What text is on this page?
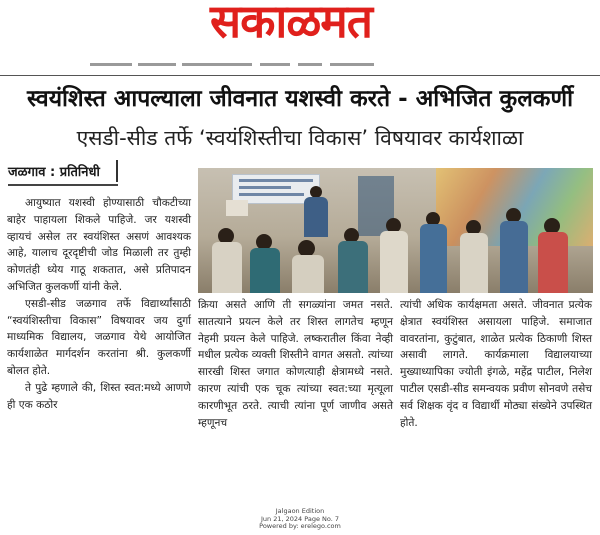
सकाळमत
स्वयंशिस्त आपल्याला जीवनात यशस्वी करते - अभिजित कुलकर्णी
एसडी-सीड तर्फे ‘स्वयंशिस्तीचा विकास’ विषयावर कार्यशाळा
जळगाव : प्रतिनिधी

आयुष्यात यशस्वी होण्यासाठी चौकटीच्या बाहेर पाहायला शिकले पाहिजे. जर यशस्वी व्हायचं असेल तर स्वयंशिस्त असणं आवश्यक आहे, यालाच दूरदृष्टीची जोड मिळाली तर तुम्ही कोणतंही ध्येय गाठू शकतात, असे प्रतिपादन अभिजित कुलकर्णी यांनी केले.

एसडी-सीड जळगाव तर्फे विद्यार्थ्यांसाठी “स्वयंशिस्तीचा विकास” विषयावर जय दुर्गा माध्यमिक विद्यालय, जळगाव येथे आयोजित कार्यशाळेत मार्गदर्शन करतांना श्री. कुलकर्णी बोलत होते.

ते पुढे म्हणाले की, शिस्त स्वत:मध्ये आणणे ही एक कठोर

क्रिया असते आणि ती सगळ्यांना जमत नसते. सातत्याने प्रयत्न केले तर शिस्त लागतेच म्हणून नेहमी प्रयत्न केले पाहिजे. लष्करातील किंवा नेव्ही मधील प्रत्येक व्यक्ती शिस्तीने वागत असतो. त्यांच्या सारखी शिस्त जगात कोणत्याही क्षेत्रामध्ये नसते. कारण त्यांची एक चूक त्यांच्या स्वत:च्या मृत्यूला कारणीभूत ठरते. त्याची त्यांना पूर्ण जाणीव असते म्हणूनच

त्यांची अधिक कार्यक्षमता असते. जीवनात प्रत्येक क्षेत्रात स्वयंशिस्त असायला पाहिजे. समाजात वावरतांना, कुटुंबात, शाळेत प्रत्येक ठिकाणी शिस्त असावी लागते. कार्यक्रमाला विद्यालयाच्या मुख्याध्यापिका ज्योती इंगळे, महेंद्र पाटील, निलेश पाटील एसडी-सीड समन्वयक प्रवीण सोनवणे तसेच सर्व शिक्षक वृंद व विद्यार्थी मोठ्या संख्येने उपस्थित होते.

Jalgaon Edition
Jun 21, 2024 Page No. 7
Powered by: erelego.com
